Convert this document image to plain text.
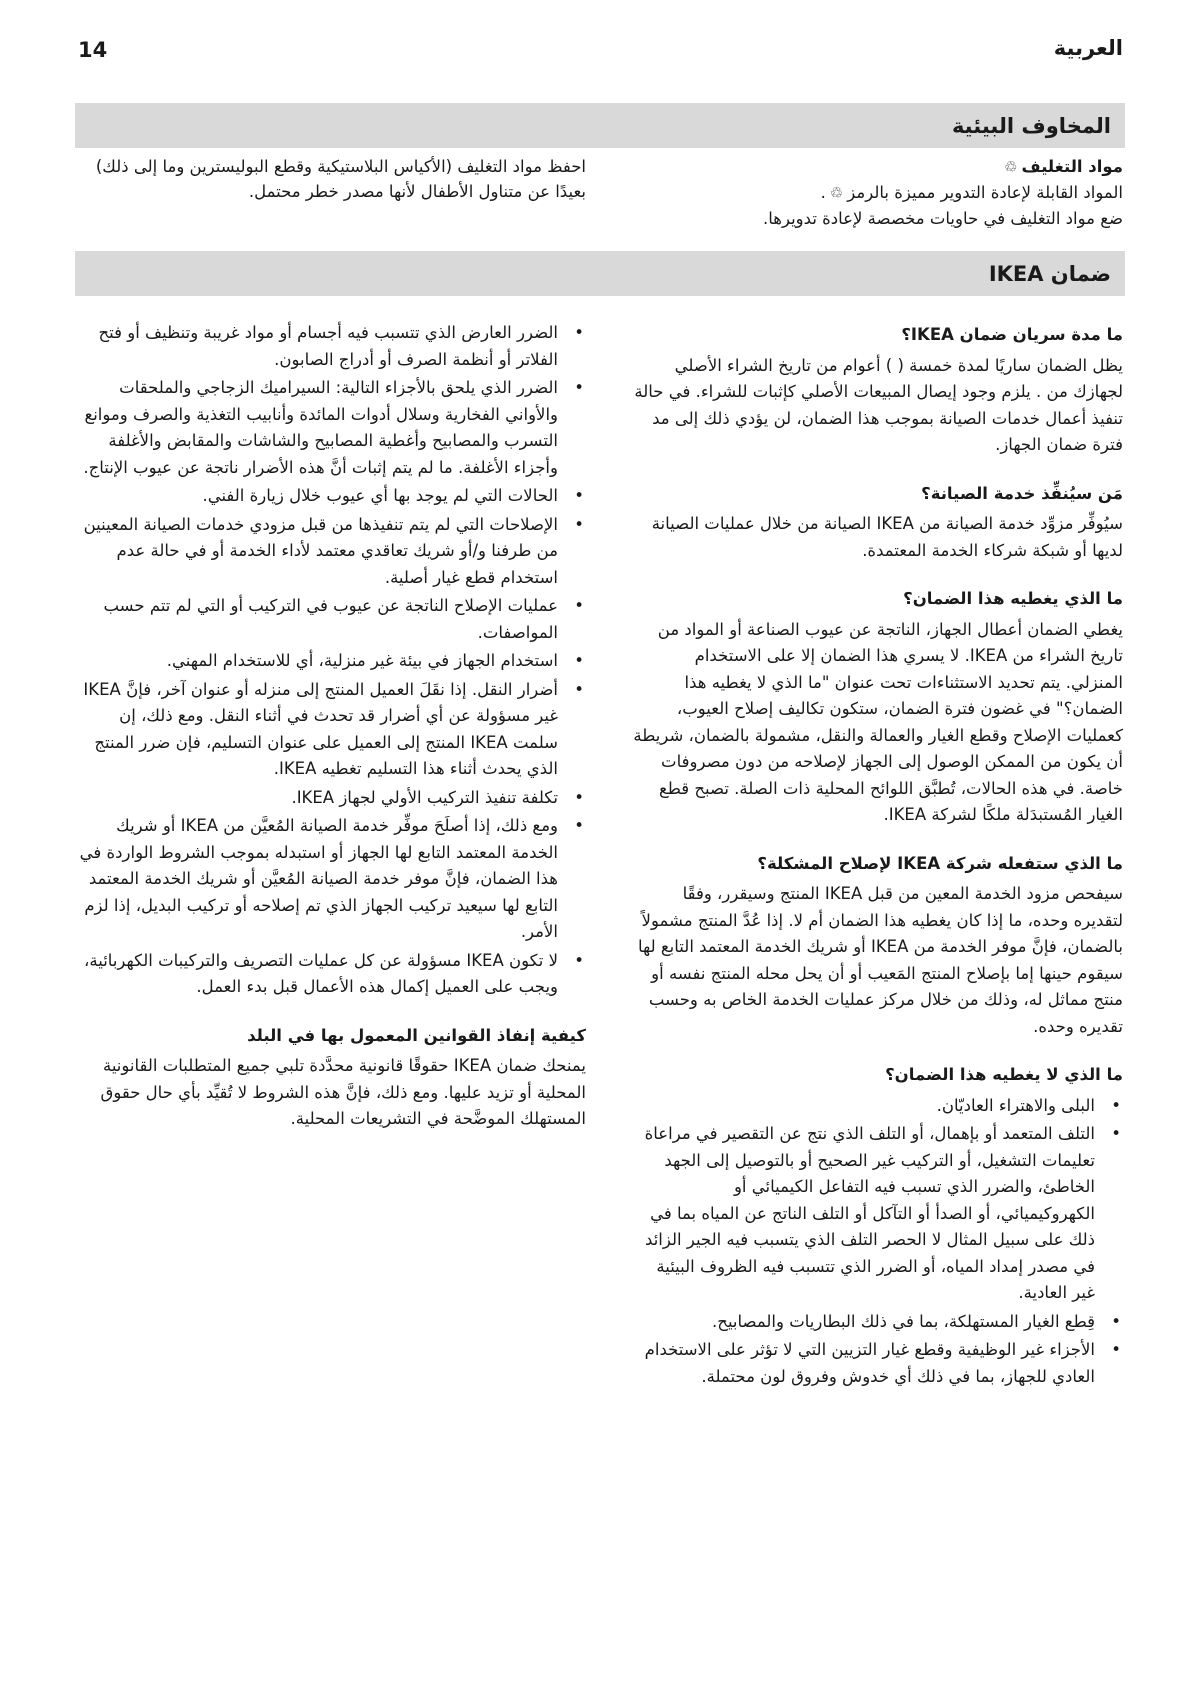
14	العربية
المخاوف البيئية
مواد التغليف♲
المواد القابلة لإعادة التدوير مميزة بالرمز♲.
ضع مواد التغليف في حاويات مخصصة لإعادة تدويرها.
احفظ مواد التغليف (الأكياس البلاستيكية وقطع البوليسترين وما إلى ذلك) بعيدًا عن متناول الأطفال لأنها مصدر خطر محتمل.
ضمان IKEA
ما مدة سريان ضمان IKEA؟

يظل الضمان ساريًا لمدة خمسة ( ) أعوام من تاريخ الشراء الأصلي لجهازك من . يلزم وجود إيصال المبيعات الأصلي كإثبات للشراء. في حالة تنفيذ أعمال خدمات الصيانة بموجب هذا الضمان، لن يؤدي ذلك إلى مد فترة ضمان الجهاز.

مَن سيُنفِّذ خدمة الصيانة؟

سيُوفِّر مزوِّد خدمة الصيانة من IKEA الصيانة من خلال عمليات الصيانة لديها أو شبكة شركاء الخدمة المعتمدة.

ما الذي يغطيه هذا الضمان؟

يغطي الضمان أعطال الجهاز، الناتجة عن عيوب الصناعة أو المواد من تاريخ الشراء من IKEA. لا يسري هذا الضمان إلا على الاستخدام المنزلي. يتم تحديد الاستثناءات تحت عنوان "ما الذي لا يغطيه هذا الضمان؟" في غضون فترة الضمان، ستكون تكاليف إصلاح العيوب، كعمليات الإصلاح وقطع الغيار والعمالة والنقل، مشمولة بالضمان، شريطة أن يكون من الممكن الوصول إلى الجهاز لإصلاحه من دون مصروفات خاصة. في هذه الحالات، تُطبَّق اللوائح المحلية ذات الصلة. تصبح قطع الغيار المُستبدَلة ملكًا لشركة IKEA.

ما الذي ستفعله شركة IKEA لإصلاح المشكلة؟

سيفحص مزود الخدمة المعين من قبل IKEA المنتج وسيقرر، وفقًا لتقديره وحده، ما إذا كان يغطيه هذا الضمان أم لا. إذا عُدَّ المنتج مشمولاً بالضمان، فإنَّ موفر الخدمة من IKEA أو شريك الخدمة المعتمد التابع لها سيقوم حينها إما بإصلاح المنتج المَعيب أو أن يحل محله المنتج نفسه أو منتج مماثل له، وذلك من خلال مركز عمليات الخدمة الخاص به وحسب تقديره وحده.

ما الذي لا يغطيه هذا الضمان؟
• البلى والاهتراء العاديّان.
• التلف المتعمد أو بإهمال، أو التلف الذي نتج عن التقصير في مراعاة تعليمات التشغيل، أو التركيب غير الصحيح أو بالتوصيل إلى الجهد الخاطئ، والضرر الذي تسبب فيه التفاعل الكيميائي أو الكهروكيميائي، أو الصدأ أو التآكل أو التلف الناتج عن المياه بما في ذلك على سبيل المثال لا الحصر التلف الذي يتسبب فيه الجير الزائد في مصدر إمداد المياه، أو الضرر الذي تتسبب فيه الظروف البيئية غير العادية.
• قِطع الغيار المستهلكة، بما في ذلك البطاريات والمصابيح.
• الأجزاء غير الوظيفية وقطع غيار التزيين التي لا تؤثر على الاستخدام العادي للجهاز، بما في ذلك أي خدوش وفروق لون محتملة.
• الضرر العارض الذي تتسبب فيه أجسام أو مواد غريبة وتنظيف أو فتح الفلاتر أو أنظمة الصرف أو أدراج الصابون.
• الضرر الذي يلحق بالأجزاء التالية: السيراميك الزجاجي والملحقات والأواني الفخارية وسلال أدوات المائدة وأنابيب التغذية والصرف وموانع التسرب والمصابيح وأغطية المصابيح والشاشات والمقابض والأغلفة وأجزاء الأغلفة. ما لم يتم إثبات أنَّ هذه الأضرار ناتجة عن عيوب الإنتاج.
• الحالات التي لم يوجد بها أي عيوب خلال زيارة الفني.
• الإصلاحات التي لم يتم تنفيذها من قبل مزودي خدمات الصيانة المعينين من طرفنا و/أو شريك تعاقدي معتمد لأداء الخدمة أو في حالة عدم استخدام قطع غيار أصلية.
• عمليات الإصلاح الناتجة عن عيوب في التركيب أو التي لم تتم حسب المواصفات.
• استخدام الجهاز في بيئة غير منزلية، أي للاستخدام المهني.
• أضرار النقل. إذا نقَلَ العميل المنتج إلى منزله أو عنوان آخر، فإنَّ IKEA غير مسؤولة عن أي أضرار قد تحدث في أثناء النقل. ومع ذلك، إن سلمت IKEA المنتج إلى العميل على عنوان التسليم، فإن ضرر المنتج الذي يحدث أثناء هذا التسليم تغطيه IKEA.
• تكلفة تنفيذ التركيب الأولي لجهاز IKEA.
• ومع ذلك، إذا أصلَحَ موفِّر خدمة الصيانة المُعيَّن من IKEA أو شريك الخدمة المعتمد التابع لها الجهاز أو استبدله بموجب الشروط الواردة في هذا الضمان، فإنَّ موفر خدمة الصيانة المُعيَّن أو شريك الخدمة المعتمد التابع لها سيعيد تركيب الجهاز الذي تم إصلاحه أو تركيب البديل، إذا لزم الأمر.
• لا تكون IKEA مسؤولة عن كل عمليات التصريف والتركيبات الكهربائية، ويجب على العميل إكمال هذه الأعمال قبل بدء العمل.
كيفية إنفاذ القوانين المعمول بها في البلد

يمنحك ضمان IKEA حقوقًا قانونية محدَّدة تلبي جميع المتطلبات القانونية المحلية أو تزيد عليها. ومع ذلك، فإنَّ هذه الشروط لا تُقيِّد بأي حال حقوق المستهلك الموضَّحة في التشريعات المحلية.
